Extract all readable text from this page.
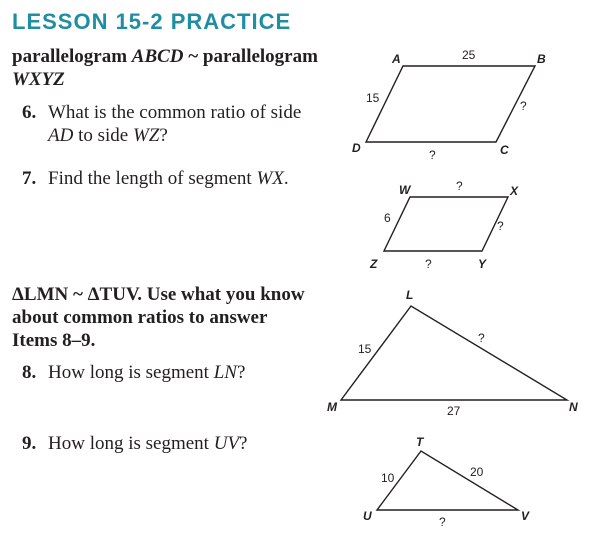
LESSON 15-2 PRACTICE

parallelogram ABCD ~ parallelogram
WXYZ

6. What is the common ratio of side
AD to side WZ?

7. Find the length of segment WX.

ΔLMN ~ ΔTUV. Use what you know
about common ratios to answer
Items 8–9.

8. How long is segment LN?

9. How long is segment UV?

A	B
C
D
25
15
?
?
W	X
Y
Z
?
6
?
?
L
M	N
15
?
27
T
U	V
10	20
?
